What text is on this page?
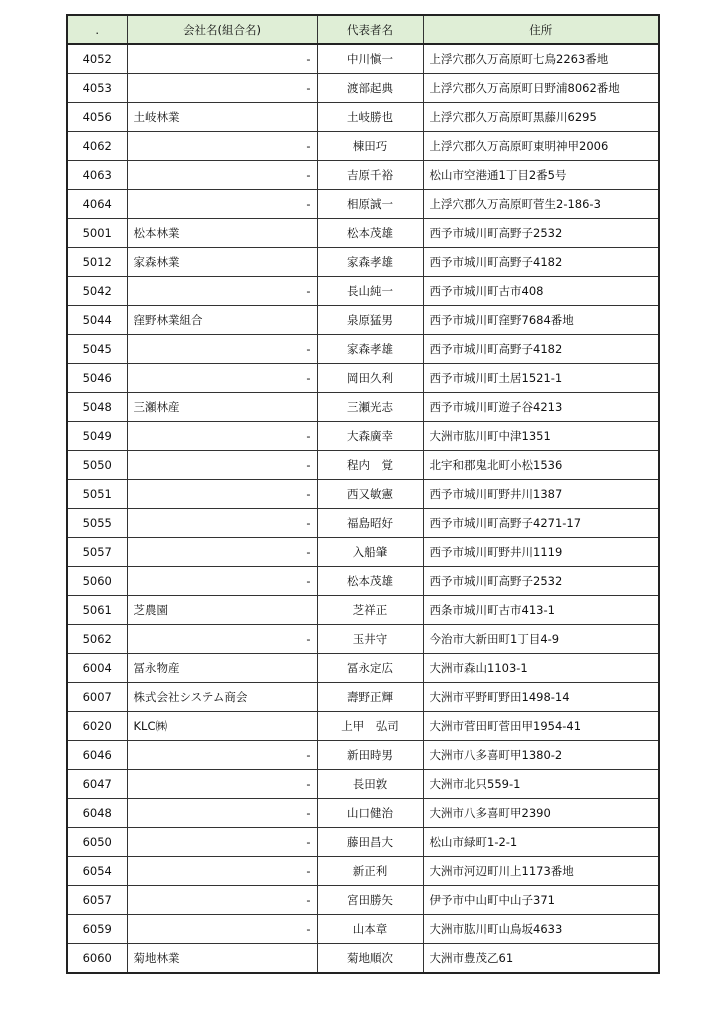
.	会社名(組合名)	代表者名	住所
4052	-	中川愼一	上浮穴郡久万高原町七鳥2263番地
4053	-	渡部起典	上浮穴郡久万高原町日野浦8062番地
4056	土岐林業	土岐勝也	上浮穴郡久万高原町黒藤川6295
4062	-	棟田巧	上浮穴郡久万高原町東明神甲2006
4063	-	吉原千裕	松山市空港通1丁目2番5号
4064	-	相原誠一	上浮穴郡久万高原町菅生2-186-3
5001	松本林業	松本茂雄	西予市城川町高野子2532
5012	家森林業	家森孝雄	西予市城川町高野子4182
5042	-	長山純一	西予市城川町古市408
5044	窪野林業組合	泉原猛男	西予市城川町窪野7684番地
5045	-	家森孝雄	西予市城川町高野子4182
5046	-	岡田久利	西予市城川町土居1521-1
5048	三瀬林産	三瀬光志	西予市城川町遊子谷4213
5049	-	大森廣幸	大洲市肱川町中津1351
5050	-	程内　覚	北宇和郡鬼北町小松1536
5051	-	西又敏憲	西予市城川町野井川1387
5055	-	福島昭好	西予市城川町高野子4271-17
5057	-	入船肇	西予市城川町野井川1119
5060	-	松本茂雄	西予市城川町高野子2532
5061	芝農園	芝祥正	西条市城川町古市413-1
5062	-	玉井守	今治市大新田町1丁目4-9
6004	冨永物産	冨永定広	大洲市森山1103-1
6007	株式会社システム商会	壽野正輝	大洲市平野町野田1498-14
6020	KLC㈱	上甲　弘司	大洲市菅田町菅田甲1954-41
6046	-	新田時男	大洲市八多喜町甲1380-2
6047	-	長田敦	大洲市北只559-1
6048	-	山口健治	大洲市八多喜町甲2390
6050	-	藤田昌大	松山市緑町1-2-1
6054	-	新正利	大洲市河辺町川上1173番地
6057	-	宮田勝矢	伊予市中山町中山子371
6059	-	山本章	大洲市肱川町山鳥坂4633
6060	菊地林業	菊地順次	大洲市豊茂乙61
